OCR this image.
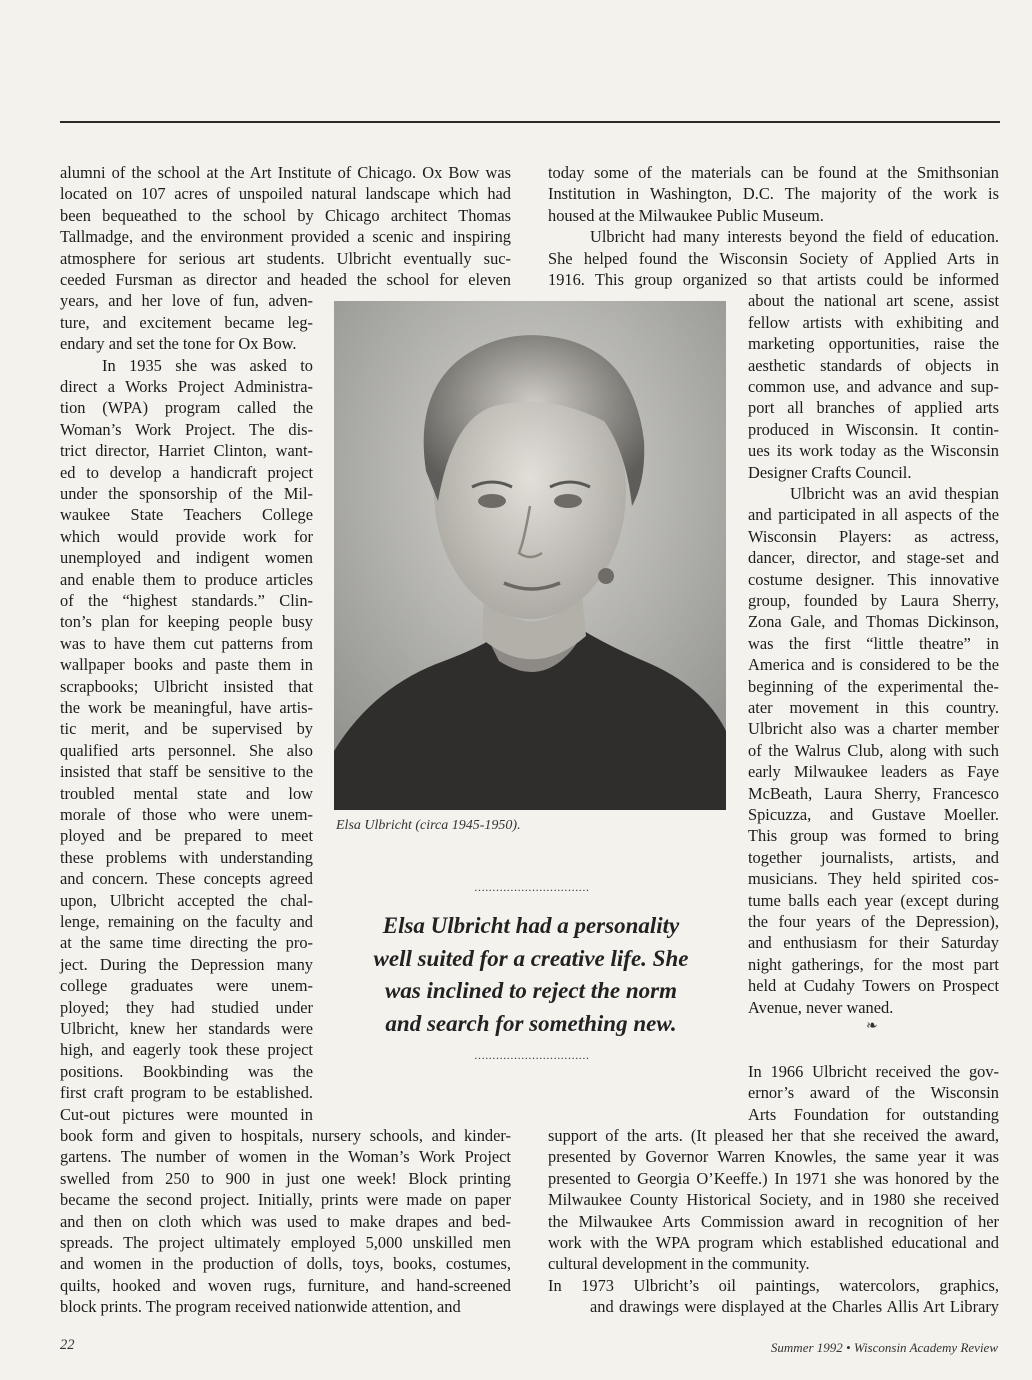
alumni of the school at the Art Institute of Chicago. Ox Bow was
located on 107 acres of unspoiled natural landscape which had
been bequeathed to the school by Chicago architect Thomas
Tallmadge, and the environment provided a scenic and inspiring
atmosphere for serious art students. Ulbricht eventually suc-
ceeded Fursman as director and headed the school for eleven
years, and her love of fun, adven-
ture, and excitement became leg-
endary and set the tone for Ox Bow.
In 1935 she was asked to
direct a Works Project Administra-
tion (WPA) program called the
Woman’s Work Project. The dis-
trict director, Harriet Clinton, want-
ed to develop a handicraft project
under the sponsorship of the Mil-
waukee State Teachers College
which would provide work for
unemployed and indigent women
and enable them to produce articles
of the “highest standards.” Clin-
ton’s plan for keeping people busy
was to have them cut patterns from
wallpaper books and paste them in
scrapbooks; Ulbricht insisted that
the work be meaningful, have artis-
tic merit, and be supervised by
qualified arts personnel. She also
insisted that staff be sensitive to the
troubled mental state and low
morale of those who were unem-
ployed and be prepared to meet
these problems with understanding
and concern. These concepts agreed
upon, Ulbricht accepted the chal-
lenge, remaining on the faculty and
at the same time directing the pro-
ject. During the Depression many
college graduates were unem-
ployed; they had studied under
Ulbricht, knew her standards were
high, and eagerly took these project
positions. Bookbinding was the
first craft program to be established.
Cut-out pictures were mounted in
book form and given to hospitals, nursery schools, and kinder-
gartens. The number of women in the Woman’s Work Project
swelled from 250 to 900 in just one week! Block printing
became the second project. Initially, prints were made on paper
and then on cloth which was used to make drapes and bed-
spreads. The project ultimately employed 5,000 unskilled men
and women in the production of dolls, toys, books, costumes,
quilts, hooked and woven rugs, furniture, and hand-screened
block prints. The program received nationwide attention, and
today some of the materials can be found at the Smithsonian
Institution in Washington, D.C. The majority of the work is
housed at the Milwaukee Public Museum.
Ulbricht had many interests beyond the field of education.
She helped found the Wisconsin Society of Applied Arts in
1916. This group organized so that artists could be informed
about the national art scene, assist
fellow artists with exhibiting and
marketing opportunities, raise the
aesthetic standards of objects in
common use, and advance and sup-
port all branches of applied arts
produced in Wisconsin. It contin-
ues its work today as the Wisconsin
Designer Crafts Council.
Ulbricht was an avid thespian
and participated in all aspects of the
Wisconsin Players: as actress,
dancer, director, and stage-set and
costume designer. This innovative
group, founded by Laura Sherry,
Zona Gale, and Thomas Dickinson,
was the first “little theatre” in
America and is considered to be the
beginning of the experimental the-
ater movement in this country.
Ulbricht also was a charter member
of the Walrus Club, along with such
early Milwaukee leaders as Faye
McBeath, Laura Sherry, Francesco
Spicuzza, and Gustave Moeller.
This group was formed to bring
together journalists, artists, and
musicians. They held spirited cos-
tume balls each year (except during
the four years of the Depression),
and enthusiasm for their Saturday
night gatherings, for the most part
held at Cudahy Towers on Prospect
Avenue, never waned.
In 1966 Ulbricht received the gov-
ernor’s award of the Wisconsin
Arts Foundation for outstanding
support of the arts. (It pleased her that she received the award,
presented by Governor Warren Knowles, the same year it was
presented to Georgia O’Keeffe.) In 1971 she was honored by the
Milwaukee County Historical Society, and in 1980 she received
the Milwaukee Arts Commission award in recognition of her
work with the WPA program which established educational and
cultural development in the community.
In 1973 Ulbricht’s oil paintings, watercolors, graphics,
and drawings were displayed at the Charles Allis Art Library
Elsa Ulbricht (circa 1945-1950).
................................
Elsa Ulbricht had a personality
well suited for a creative life. She
was inclined to reject the norm
and search for something new.
................................
❧
22	Summer 1992 • Wisconsin Academy Review
